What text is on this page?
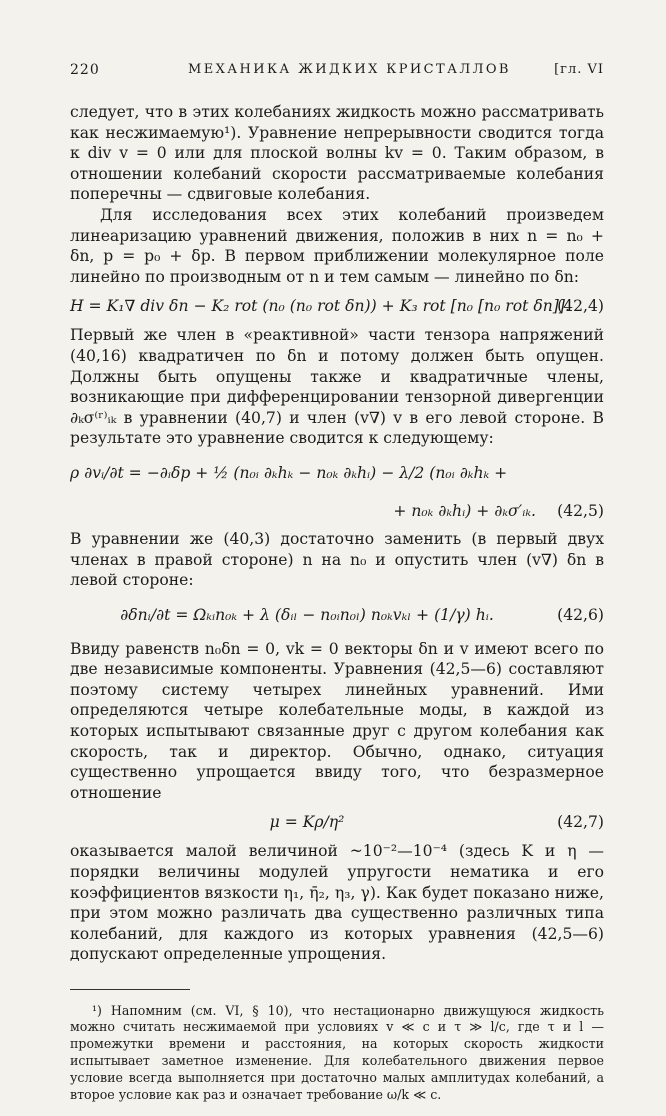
220	МЕХАНИКА ЖИДКИХ КРИСТАЛЛОВ	[гл. VI

следует, что в этих колебаниях жидкость можно рассматривать как несжимаемую¹). Уравнение непрерывности сводится тогда к div v = 0 или для плоской волны kv = 0. Таким образом, в отношении колебаний скорости рассматриваемые колебания поперечны — сдвиговые колебания.

Для исследования всех этих колебаний произведем линеаризацию уравнений движения, положив в них n = n₀ + δn, p = p₀ + δp. В первом приближении молекулярное поле линейно по производным от n и тем самым — линейно по δn:

H = K₁∇ div δn − K₂ rot (n₀ (n₀ rot δn)) + K₃ rot [n₀ [n₀ rot δn]].
(42,4)

Первый же член в «реактивной» части тензора напряжений (40,16) квадратичен по δn и потому должен быть опущен. Должны быть опущены также и квадратичные члены, возникающие при дифференцировании тензорной дивергенции ∂ₖσ⁽ʳ⁾ᵢₖ в уравнении (40,7) и член (v∇) v в его левой стороне. В результате это уравнение сводится к следующему:

ρ ∂vᵢ/∂t = −∂ᵢδp + ½ (n₀ᵢ ∂ₖhₖ − n₀ₖ ∂ₖhᵢ) − λ/2 (n₀ᵢ ∂ₖhₖ +
+ n₀ₖ ∂ₖhᵢ) + ∂ₖσ′ᵢₖ. (42,5)

В уравнении же (40,3) достаточно заменить (в первый двух членах в правой стороне) n на n₀ и опустить член (v∇) δn в левой стороне:

∂δnᵢ/∂t = Ωₖᵢn₀ₖ + λ (δᵢₗ − n₀ᵢn₀ₗ) n₀ₖvₖₗ + (1/γ) hᵢ.	(42,6)

Ввиду равенств n₀δn = 0, vk = 0 векторы δn и v имеют всего по две независимые компоненты. Уравнения (42,5—6) составляют поэтому систему четырех линейных уравнений. Ими определяются четыре колебательные моды, в каждой из которых испытывают связанные друг с другом колебания как скорость, так и директор. Обычно, однако, ситуация существенно упрощается ввиду того, что безразмерное отношение

μ = Kρ/η²	(42,7)

оказывается малой величиной ~10⁻²—10⁻⁴ (здесь K и η — порядки величины модулей упругости нематика и его коэффициентов вязкости η₁, η̄₂, η₃, γ). Как будет показано ниже, при этом можно различать два существенно различных типа колебаний, для каждого из которых уравнения (42,5—6) допускают определенные упрощения.

¹) Напомним (см. VI, § 10), что нестационарно движущуюся жидкость можно считать несжимаемой при условиях v ≪ c и τ ≫ l/c, где τ и l — промежутки времени и расстояния, на которых скорость жидкости испытывает заметное изменение. Для колебательного движения первое условие всегда выполняется при достаточно малых амплитудах колебаний, а второе условие как раз и означает требование ω/k ≪ c.
